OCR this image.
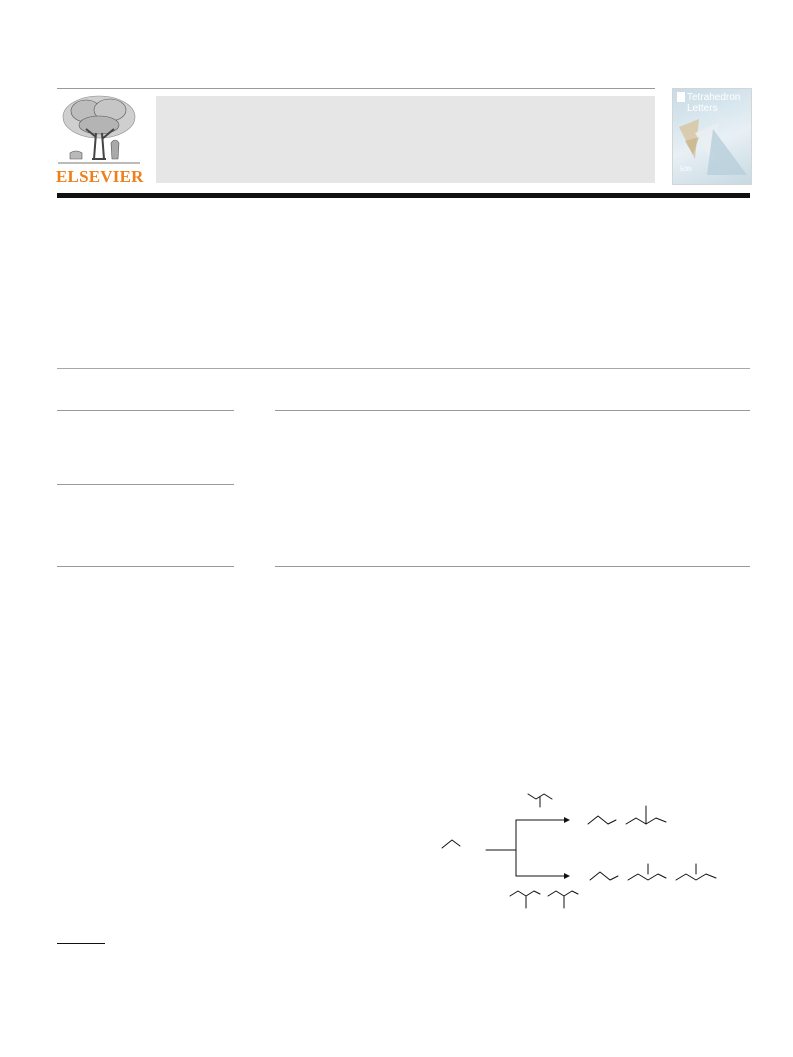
ELSEVIER
Tetrahedron
Letters
50th
